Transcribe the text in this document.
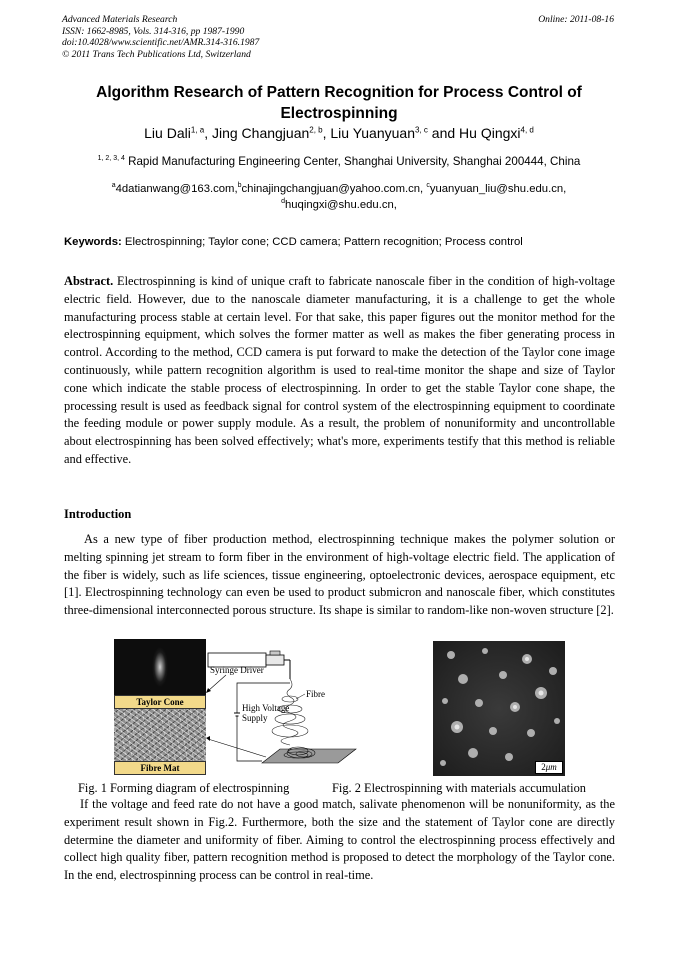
Advanced Materials Research
ISSN: 1662-8985, Vols. 314-316, pp 1987-1990
doi:10.4028/www.scientific.net/AMR.314-316.1987
© 2011 Trans Tech Publications Ltd, Switzerland
Online: 2011-08-16
Algorithm Research of Pattern Recognition for Process Control of Electrospinning
Liu Dali$^{1, a}$, Jing Changjuan$^{2, b}$, Liu Yuanyuan$^{3, c}$ and Hu Qingxi$^{4, d}$
$^{1, 2, 3, 4}$ Rapid Manufacturing Engineering Center, Shanghai University, Shanghai 200444, China
$^a$4datianwang@163.com,$^b$chinajingchangjuan@yahoo.com.cn, $^c$yuanyuan_liu@shu.edu.cn,
$^d$huqingxi@shu.edu.cn,
Keywords: Electrospinning; Taylor cone; CCD camera; Pattern recognition; Process control
Abstract. Electrospinning is kind of unique craft to fabricate nanoscale fiber in the condition of high-voltage electric field. However, due to the nanoscale diameter manufacturing, it is a challenge to get the whole manufacturing process stable at certain level. For that sake, this paper figures out the monitor method for the electrospinning equipment, which solves the former matter as well as makes the fiber generating process in control. According to the method, CCD camera is put forward to make the detection of the Taylor cone image continuously, while pattern recognition algorithm is used to real-time monitor the shape and size of Taylor cone which indicate the stable process of electrospinning. In order to get the stable Taylor cone shape, the processing result is used as feedback signal for control system of the electrospinning equipment to coordinate the feeding module or power supply module. As a result, the problem of nonuniformity and uncontrollable about electrospinning has been solved effectively; what's more, experiments testify that this method is reliable and effective.
Introduction
As a new type of fiber production method, electrospinning technique makes the polymer solution or melting spinning jet stream to form fiber in the environment of high-voltage electric field. The application of the fiber is widely, such as life sciences, tissue engineering, optoelectronic devices, aerospace equipment, etc [1]. Electrospinning technology can even be used to product submicron and nanoscale fiber, which constitutes three-dimensional interconnected porous structure. Its shape is similar to random-like non-woven structure [2].
Taylor Cone
Fibre Mat
Syringe Driver
Fibre
High Voltage
Supply
2μm
Fig. 1 Forming diagram of electrospinning	Fig. 2 Electrospinning with materials accumulation
If the voltage and feed rate do not have a good match, salivate phenomenon will be nonuniformity, as the experiment result shown in Fig.2. Furthermore, both the size and the statement of Taylor cone are directly determine the diameter and uniformity of fiber. Aiming to control the electrospinning process effectively and collect high quality fiber, pattern recognition method is proposed to detect the morphology of the Taylor cone. In the end, electrospinning process can be control in real-time.
